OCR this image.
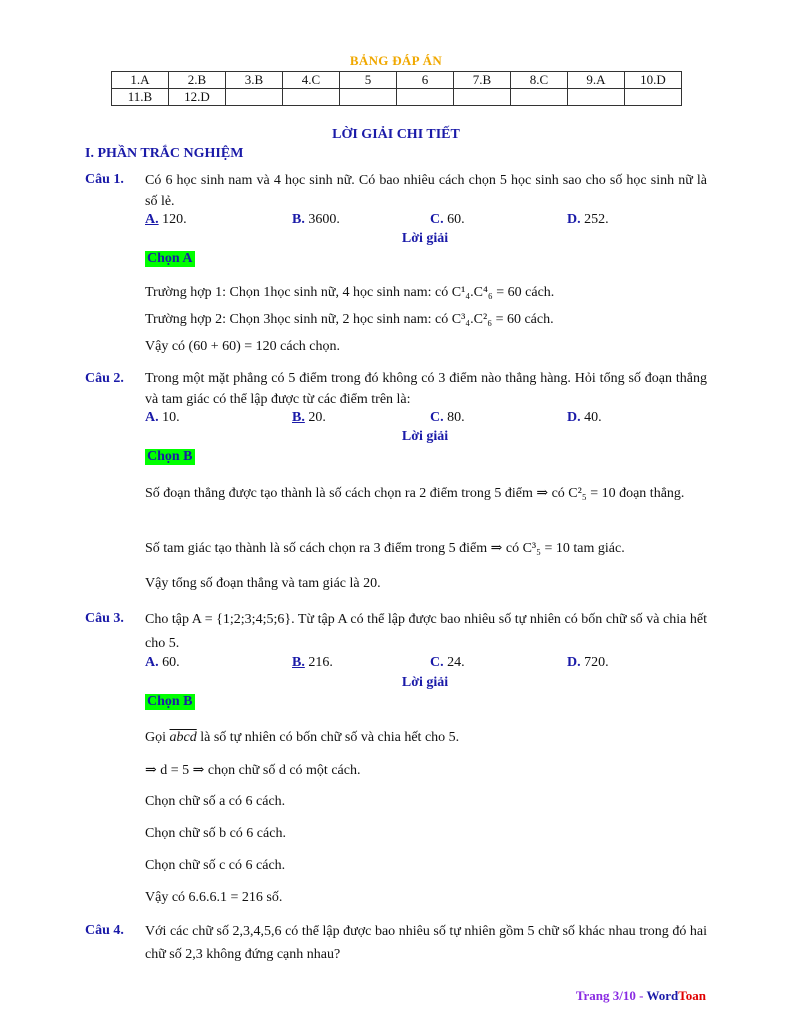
BẢNG ĐÁP ÁN
1.A	2.B	3.B	4.C	5	6	7.B	8.C	9.A	10.D
11.B	12.D								
LỜI GIẢI CHI TIẾT
I. PHẦN TRẮC NGHIỆM
Câu 1. Có 6 học sinh nam và 4 học sinh nữ. Có bao nhiêu cách chọn 5 học sinh sao cho số học sinh nữ là số lẻ.
A. 120.	B. 3600.	C. 60.	D. 252.
Lời giải
Chọn A
Trường hợp 1: Chọn 1học sinh nữ, 4 học sinh nam: có C¹₄.C⁴₆ = 60 cách.
Trường hợp 2: Chọn 3học sinh nữ, 2 học sinh nam: có C³₄.C²₆ = 60 cách.
Vậy có (60 + 60) = 120 cách chọn.
Câu 2. Trong một mặt phẳng có 5 điểm trong đó không có 3 điểm nào thẳng hàng. Hỏi tổng số đoạn thẳng và tam giác có thể lập được từ các điểm trên là:
A. 10.	B. 20.	C. 80.	D. 40.
Lời giải
Chọn B
Số đoạn thẳng được tạo thành là số cách chọn ra 2 điểm trong 5 điểm ⇒ có C²₅ = 10 đoạn thẳng.
Số tam giác tạo thành là số cách chọn ra 3 điểm trong 5 điểm ⇒ có C³₅ = 10 tam giác.
Vậy tổng số đoạn thẳng và tam giác là 20.
Câu 3. Cho tập A = {1;2;3;4;5;6}. Từ tập A có thể lập được bao nhiêu số tự nhiên có bốn chữ số và chia hết cho 5.
A. 60.	B. 216.	C. 24.	D. 720.
Lời giải
Chọn B
Gọi abcd là số tự nhiên có bốn chữ số và chia hết cho 5.
⇒ d = 5 ⇒ chọn chữ số d có một cách.
Chọn chữ số a có 6 cách.
Chọn chữ số b có 6 cách.
Chọn chữ số c có 6 cách.
Vậy có 6.6.6.1 = 216 số.
Câu 4. Với các chữ số 2,3,4,5,6 có thể lập được bao nhiêu số tự nhiên gồm 5 chữ số khác nhau trong đó hai chữ số 2,3 không đứng cạnh nhau?
Trang 3/10 - WordToan
